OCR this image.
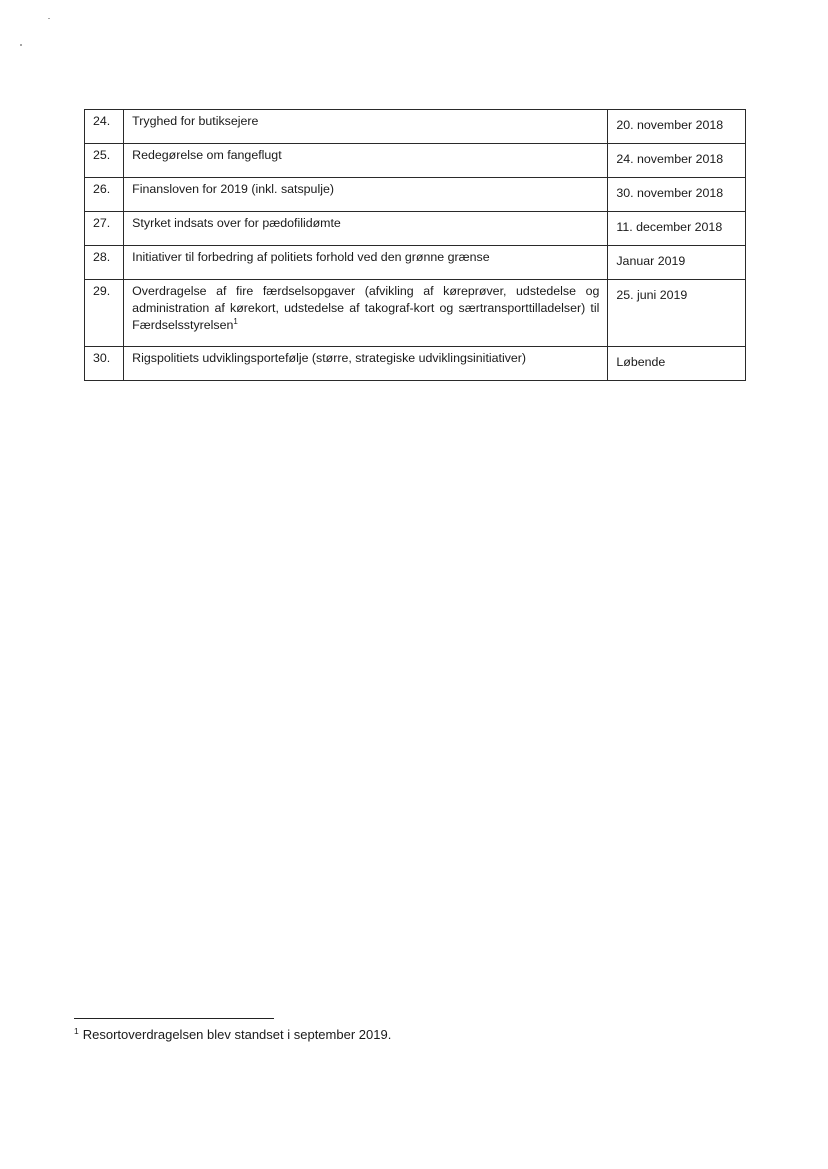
24.	Tryghed for butiksejere	20. november 2018
25.	Redegørelse om fangeflugt	24. november 2018
26.	Finansloven for 2019 (inkl. satspulje)	30. november 2018
27.	Styrket indsats over for pædofilidømte	11. december 2018
28.	Initiativer til forbedring af politiets forhold ved den grønne grænse	Januar 2019
29.	Overdragelse af fire færdselsopgaver (afvikling af køreprøver, udstedelse og administration af kørekort, udstedelse af takograf-kort og særtransporttilladelser) til Færdselsstyrelsen$^1$	25. juni 2019
30.	Rigspolitiets udviklingsportefølje (større, strategiske udviklingsinitiativer)	Løbende
$^1$ Resortoverdragelsen blev standset i september 2019.
